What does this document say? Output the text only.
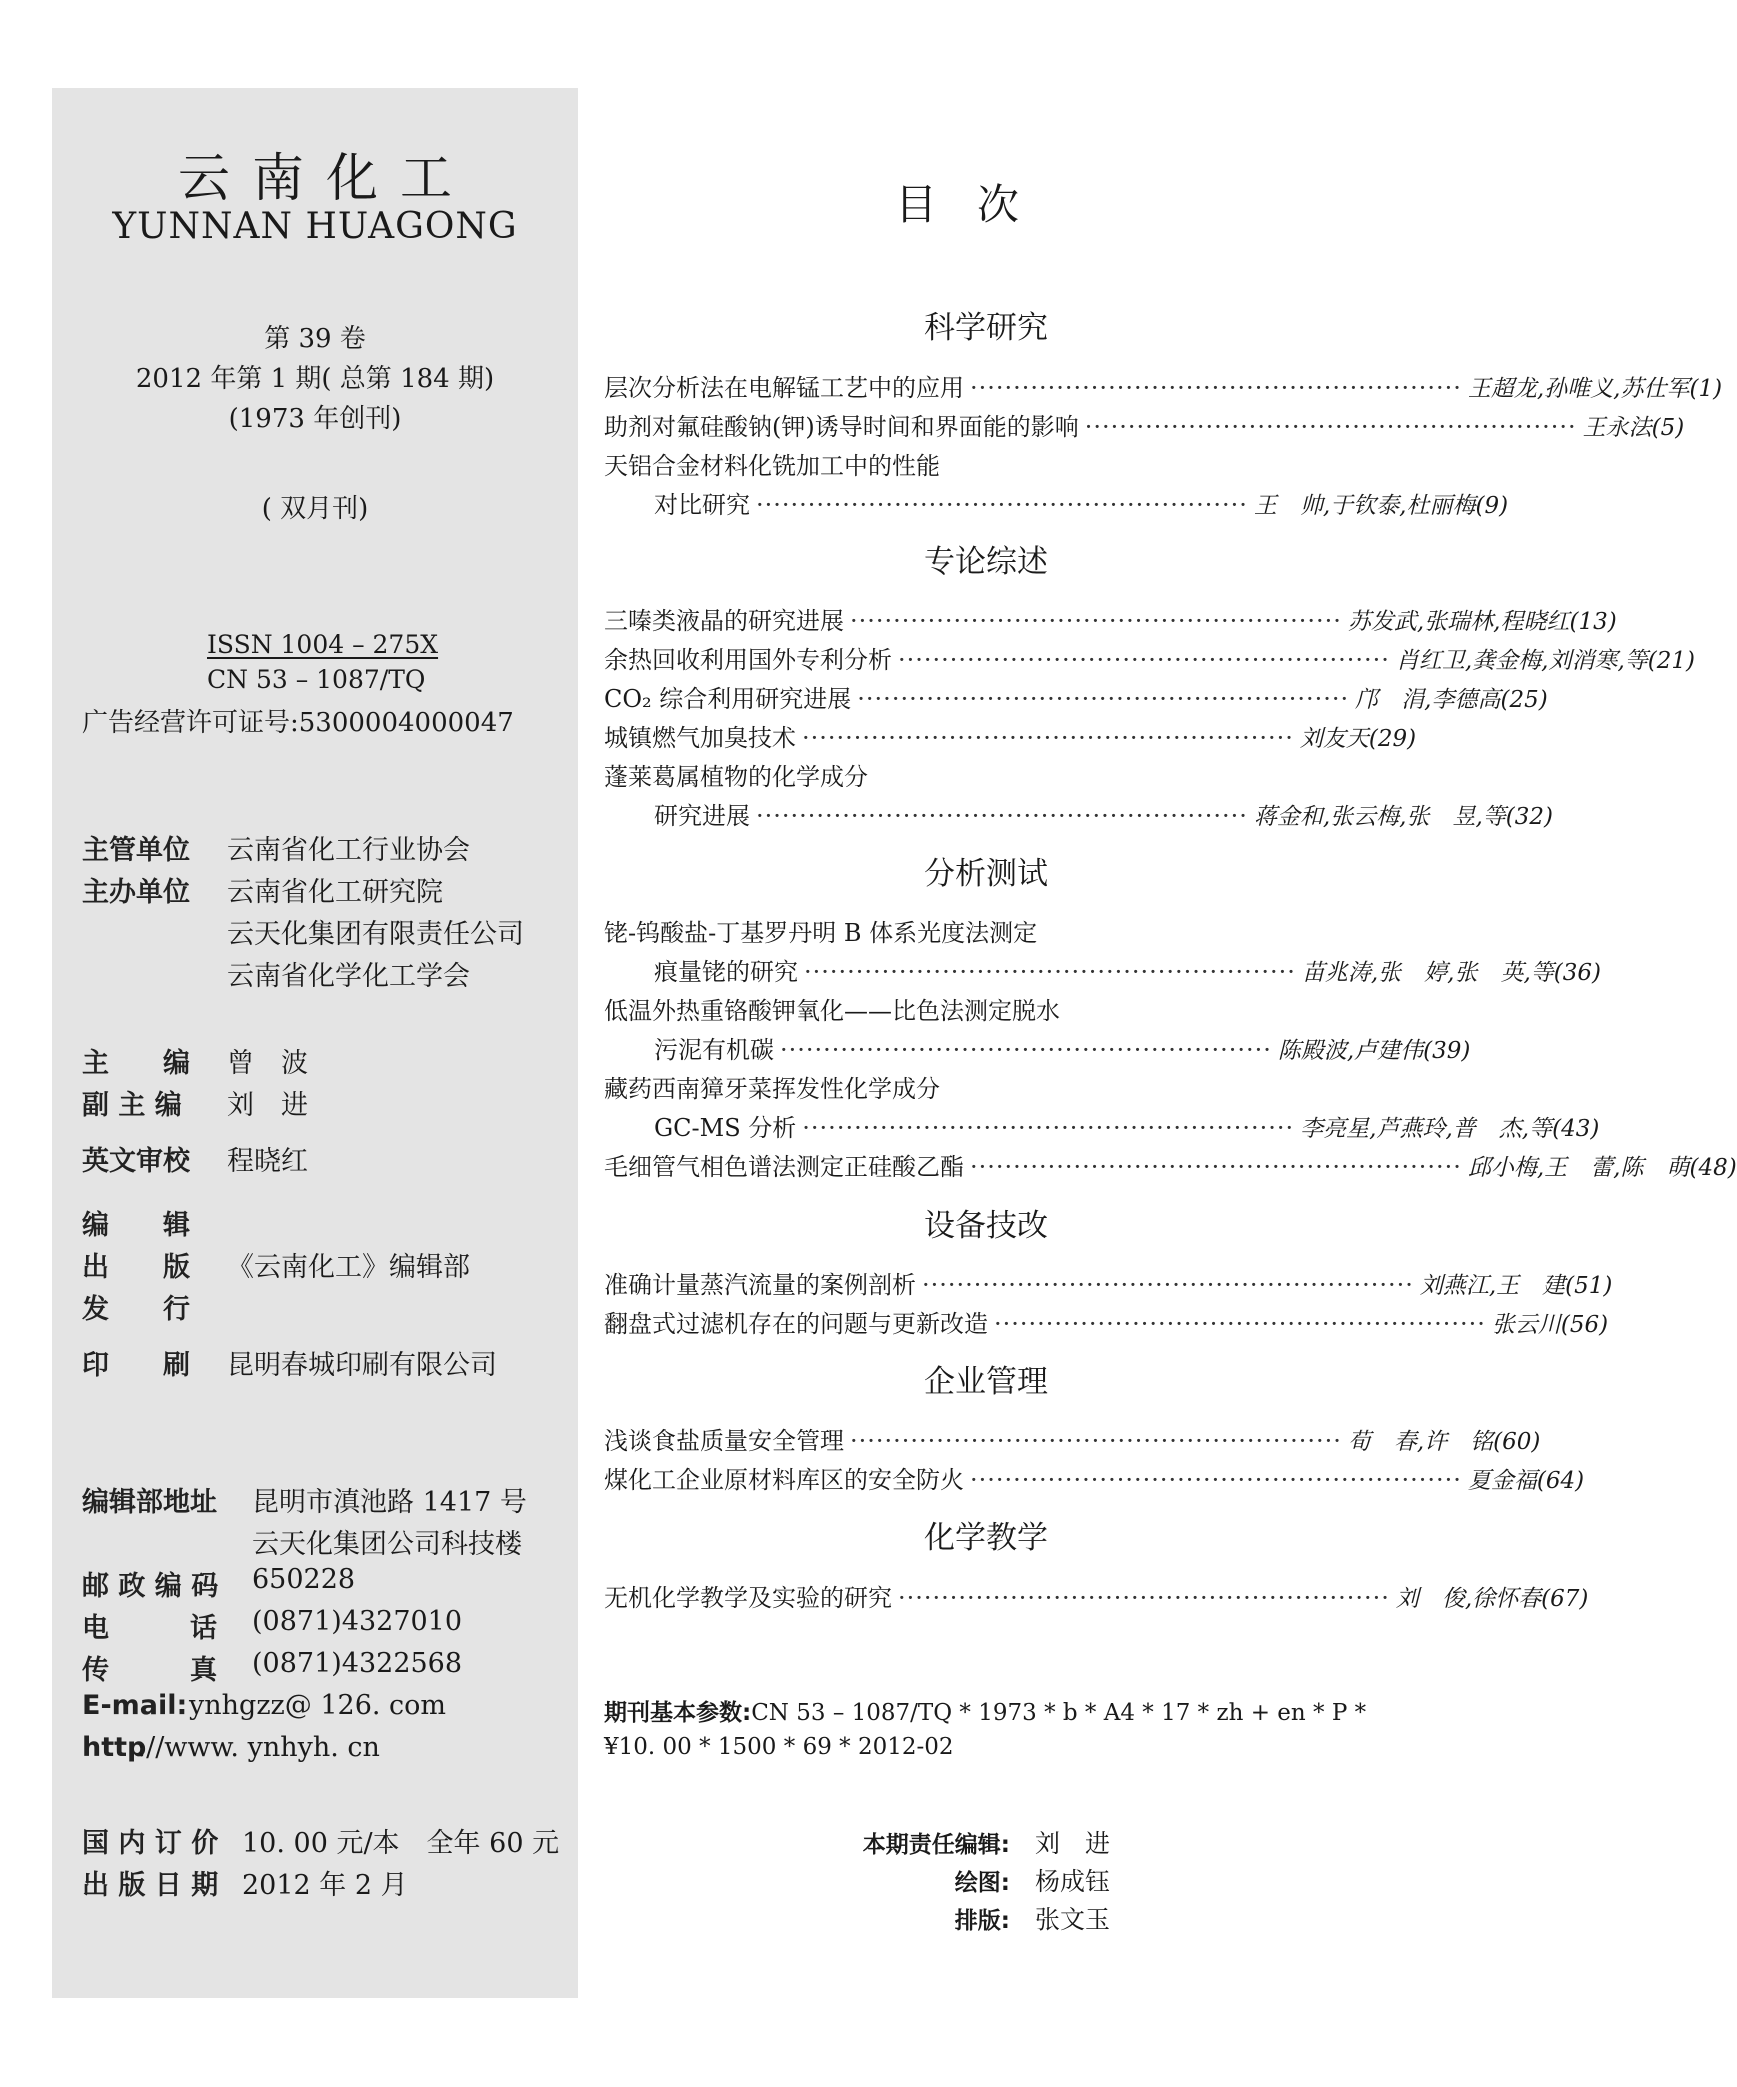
云南化工
YUNNAN HUAGONG
第 39 卷
2012 年第 1 期( 总第 184 期)
(1973 年创刊)
( 双月刊)
ISSN 1004 – 275X
CN 53 – 1087/TQ
广告经营许可证号:5300004000047
主管单位 云南省化工行业协会
主办单位 云南省化工研究院
云天化集团有限责任公司
云南省化学化工学会
主　　编 曾　波
副 主 编 刘　进
英文审校 程晓红
编　　辑
出　　版 《云南化工》编辑部
发　　行
印　　刷 昆明春城印刷有限公司
编辑部地址 昆明市滇池路 1417 号
云天化集团公司科技楼
邮 政 编 码 650228
电　　　话 (0871)4327010
传　　　真 (0871)4322568
E-mail: ynhgzz@ 126. com
http
://www. ynhyh. cn
国 内 订 价 10. 00 元/本　全年 60 元
出 版 日 期 2012 年 2 月
目次
科学研究
层次分析法在电解锰工艺中的应用 ························································· 王超龙,孙唯义,苏仕军(1)
助剂对氟硅酸钠(钾)诱导时间和界面能的影响 ························································· 王永法(5)
天铝合金材料化铣加工中的性能
对比研究 ························································· 王　帅,于钦泰,杜丽梅(9)
专论综述
三嗪类液晶的研究进展 ························································· 苏发武,张瑞林,程晓红(13)
余热回收利用国外专利分析 ························································· 肖红卫,龚金梅,刘消寒,等(21)
CO₂ 综合利用研究进展 ························································· 邝　涓,李德高(25)
城镇燃气加臭技术 ························································· 刘友天(29)
蓬莱葛属植物的化学成分
研究进展 ························································· 蒋金和,张云梅,张　昱,等(32)
分析测试
铑-钨酸盐-丁基罗丹明 B 体系光度法测定
痕量铑的研究 ························································· 苗兆涛,张　婷,张　英,等(36)
低温外热重铬酸钾氧化——比色法测定脱水
污泥有机碳 ························································· 陈殿波,卢建伟(39)
藏药西南獐牙菜挥发性化学成分
GC-MS 分析 ························································· 李亮星,芦燕玲,普　杰,等(43)
毛细管气相色谱法测定正硅酸乙酯 ························································· 邱小梅,王　蕾,陈　萌(48)
设备技改
准确计量蒸汽流量的案例剖析 ························································· 刘燕江,王　建(51)
翻盘式过滤机存在的问题与更新改造 ························································· 张云川(56)
企业管理
浅谈食盐质量安全管理 ························································· 荀　春,许　铭(60)
煤化工企业原材料库区的安全防火 ························································· 夏金福(64)
化学教学
无机化学教学及实验的研究 ························································· 刘　俊,徐怀春(67)
期刊基本参数:CN 53 – 1087/TQ * 1973 * b * A4 * 17 * zh + en * P *
¥10. 00 * 1500 * 69 * 2012-02
本期责任编辑: 刘　进
绘图: 杨成钰
排版: 张文玉
